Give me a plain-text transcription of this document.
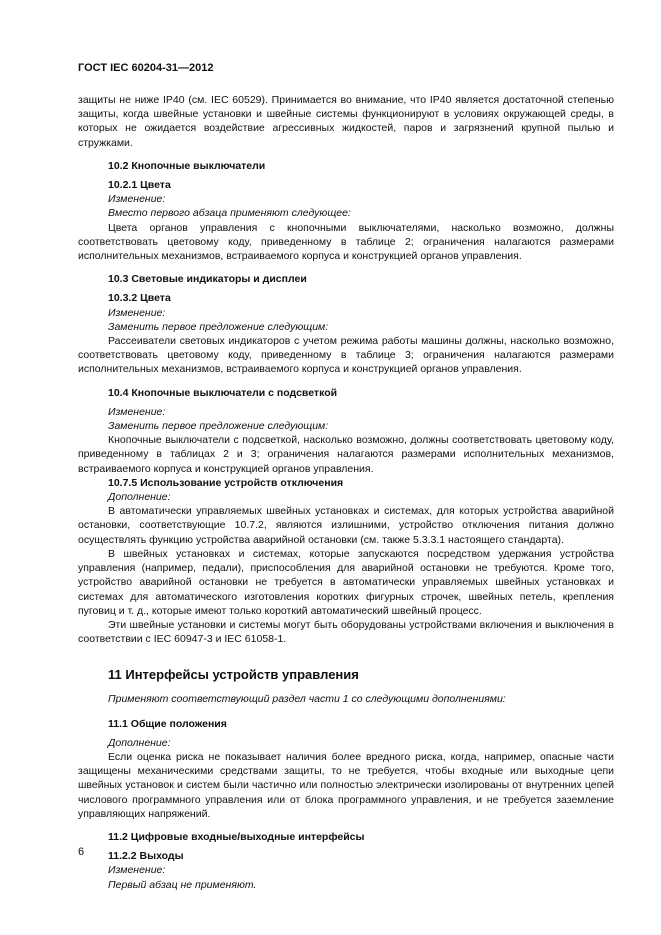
ГОСТ IEC 60204-31—2012

защиты не ниже IP40 (см. IEC 60529). Принимается во внимание, что IP40 является достаточной степенью защиты, когда швейные установки и швейные системы функционируют в условиях окружающей среды, в которых не ожидается воздействие агрессивных жидкостей, паров и загрязнений крупной пылью и стружками.

10.2 Кнопочные выключатели

10.2.1 Цвета

Изменение:

Вместо первого абзаца применяют следующее:

Цвета органов управления с кнопочными выключателями, насколько возможно, должны соответствовать цветовому коду, приведенному в таблице 2; ограничения налагаются размерами исполнительных механизмов, встраиваемого корпуса и конструкцией органов управления.

10.3 Световые индикаторы и дисплеи

10.3.2 Цвета

Изменение:

Заменить первое предложение следующим:

Рассеиватели световых индикаторов с учетом режима работы машины должны, насколько возможно, соответствовать цветовому коду, приведенному в таблице 3; ограничения налагаются размерами исполнительных механизмов, встраиваемого корпуса и конструкцией органов управления.

10.4 Кнопочные выключатели с подсветкой

Изменение:

Заменить первое предложение следующим:

Кнопочные выключатели с подсветкой, насколько возможно, должны соответствовать цветовому коду, приведенному в таблицах 2 и 3; ограничения налагаются размерами исполнительных механизмов, встраиваемого корпуса и конструкцией органов управления.

10.7.5 Использование устройств отключения

Дополнение:

В автоматически управляемых швейных установках и системах, для которых устройства аварийной остановки, соответствующие 10.7.2, являются излишними, устройство отключения питания должно осуществлять функцию устройства аварийной остановки (см. также 5.3.3.1 настоящего стандарта).

В швейных установках и системах, которые запускаются посредством удержания устройства управления (например, педали), приспособления для аварийной остановки не требуются. Кроме того, устройство аварийной остановки не требуется в автоматически управляемых швейных установках и системах для автоматического изготовления коротких фигурных строчек, швейных петель, крепления пуговиц и т. д., которые имеют только короткий автоматический швейный процесс.

Эти швейные установки и системы могут быть оборудованы устройствами включения и выключения в соответствии с IEC 60947-3 и IEC 61058-1.

11 Интерфейсы устройств управления

Применяют соответствующий раздел части 1 со следующими дополнениями:

11.1 Общие положения

Дополнение:

Если оценка риска не показывает наличия более вредного риска, когда, например, опасные части защищены механическими средствами защиты, то не требуется, чтобы входные или выходные цепи швейных установок и систем были частично или полностью электрически изолированы от внутренних цепей числового программного управления или от блока программного управления, и не требуется заземление управляющих напряжений.

11.2 Цифровые входные/выходные интерфейсы

11.2.2 Выходы

Изменение:

Первый абзац не применяют.

6
